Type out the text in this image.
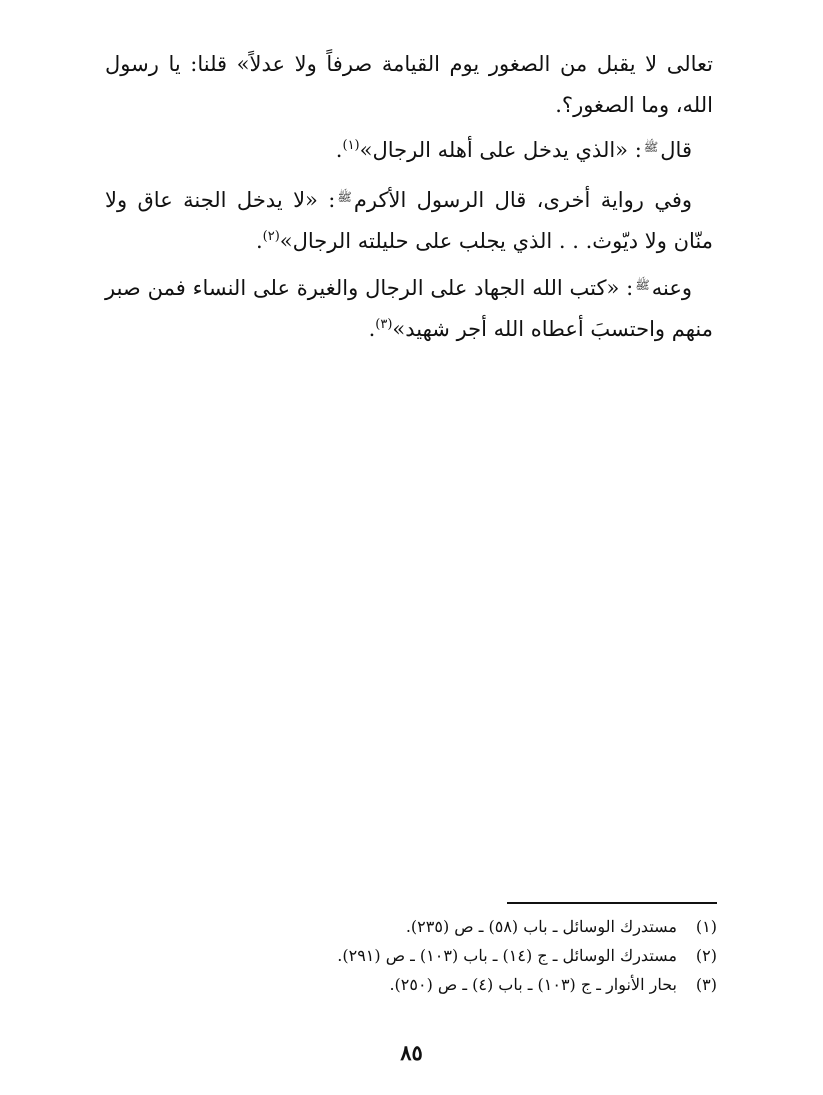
تعالى لا يقبل من الصغور يوم القيامة صرفاً ولا عدلاً» قلنا: يا رسول الله، وما الصغور؟.

 قالﷺ: «الذي يدخل على أهله الرجال»$^{(١)}$.

 وفي رواية أخرى، قال الرسول الأكرمﷺ: «لا يدخل الجنة عاق ولا منّان ولا ديّوث. . . الذي يجلب على حليلته الرجال»$^{(٢)}$.

 وعنهﷺ: «كتب الله الجهاد على الرجال والغيرة على النساء فمن صبر منهم واحتسبَ أعطاه الله أجر شهيد»$^{(٣)}$.

(١)
مستدرك الوسائل ـ باب (٥٨) ـ ص (٢٣٥).
(٢)
مستدرك الوسائل ـ ج (١٤) ـ باب (١٠٣) ـ ص (٢٩١).
(٣)
بحار الأنوار ـ ج (١٠٣) ـ باب (٤) ـ ص (٢٥٠).
٨٥
